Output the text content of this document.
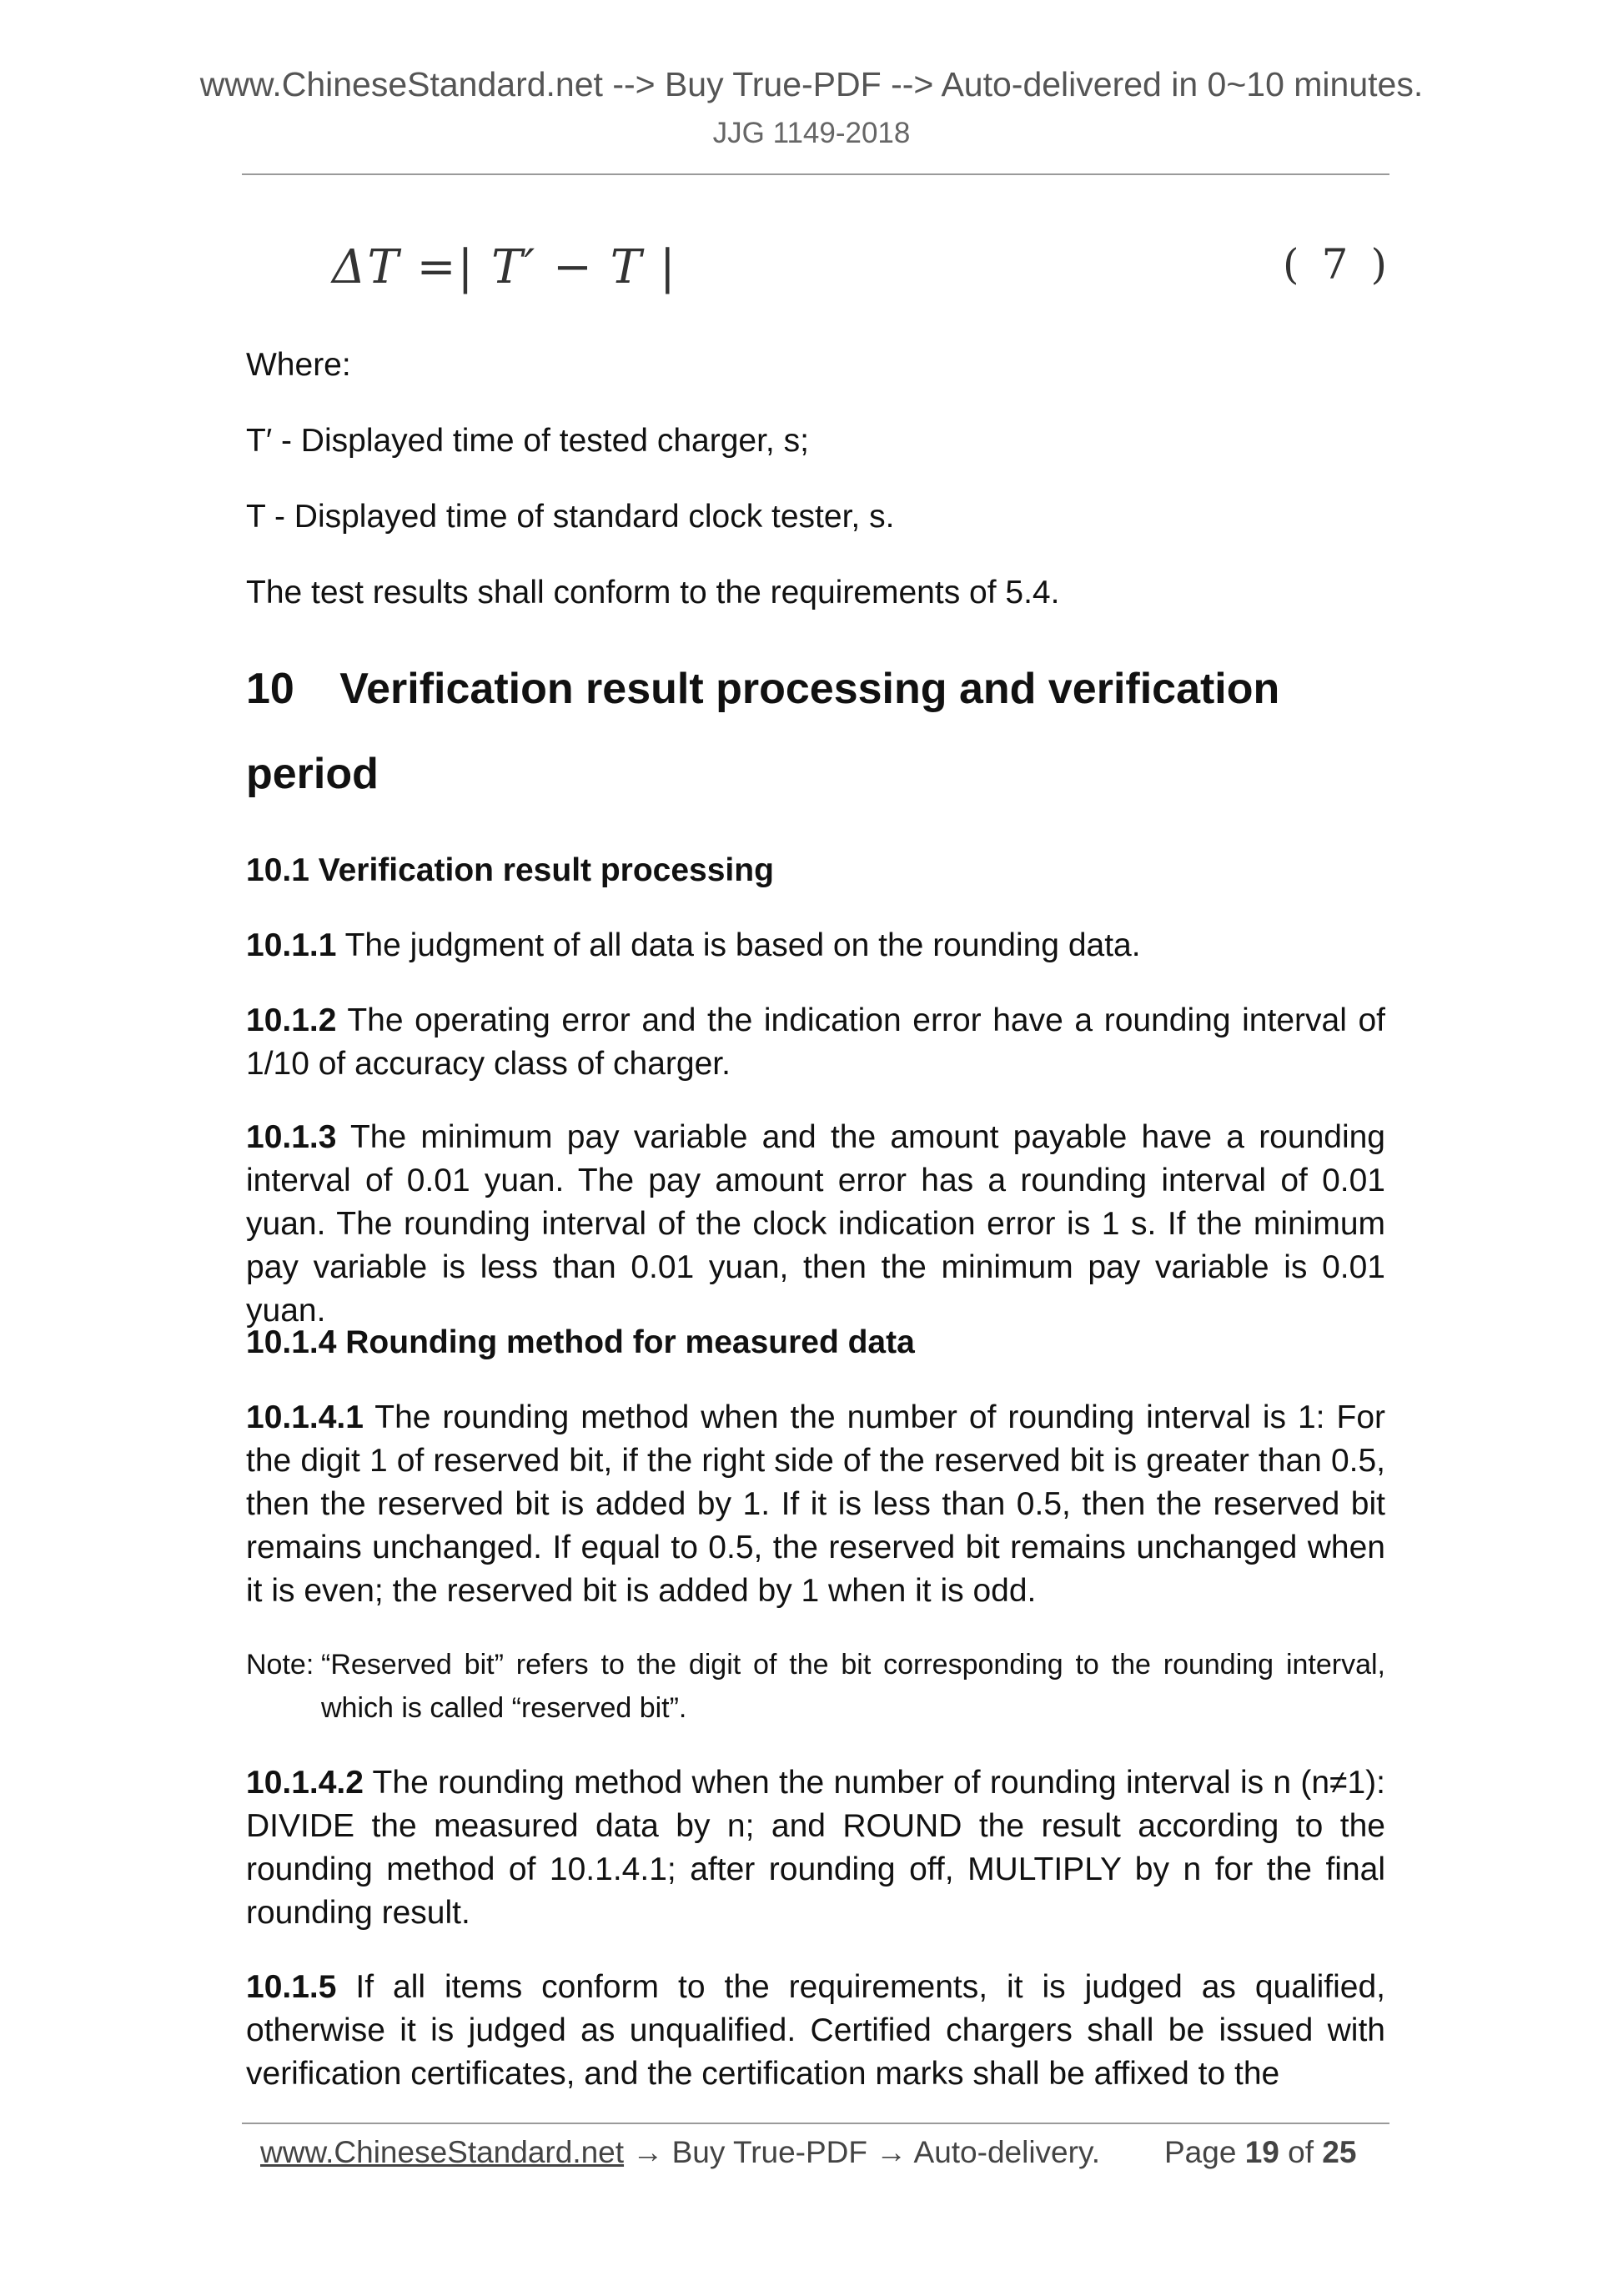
www.ChineseStandard.net --> Buy True-PDF --> Auto-delivered in 0~10 minutes.
JJG 1149-2018
ΔT =| T′ − T |	( 7 )

Where:

T′ - Displayed time of tested charger, s;

T - Displayed time of standard clock tester, s.

The test results shall conform to the requirements of 5.4.

10 Verification result processing and verification
period

10.1 Verification result processing

10.1.1 The judgment of all data is based on the rounding data.

10.1.2 The operating error and the indication error have a rounding interval of 1/10 of accuracy class of charger.

10.1.3 The minimum pay variable and the amount payable have a rounding interval of 0.01 yuan. The pay amount error has a rounding interval of 0.01 yuan. The rounding interval of the clock indication error is 1 s. If the minimum pay variable is less than 0.01 yuan, then the minimum pay variable is 0.01 yuan.

10.1.4 Rounding method for measured data

10.1.4.1 The rounding method when the number of rounding interval is 1: For the digit 1 of reserved bit, if the right side of the reserved bit is greater than 0.5, then the reserved bit is added by 1. If it is less than 0.5, then the reserved bit remains unchanged. If equal to 0.5, the reserved bit remains unchanged when it is even; the reserved bit is added by 1 when it is odd.

Note: “Reserved bit” refers to the digit of the bit corresponding to the rounding interval, which is called “reserved bit”.

10.1.4.2 The rounding method when the number of rounding interval is n (n≠1): DIVIDE the measured data by n; and ROUND the result according to the rounding method of 10.1.4.1; after rounding off, MULTIPLY by n for the final rounding result.

10.1.5 If all items conform to the requirements, it is judged as qualified, otherwise it is judged as unqualified. Certified chargers shall be issued with verification certificates, and the certification marks shall be affixed to the

www.ChineseStandard.net → Buy True-PDF → Auto-delivery. Page 19 of 25
